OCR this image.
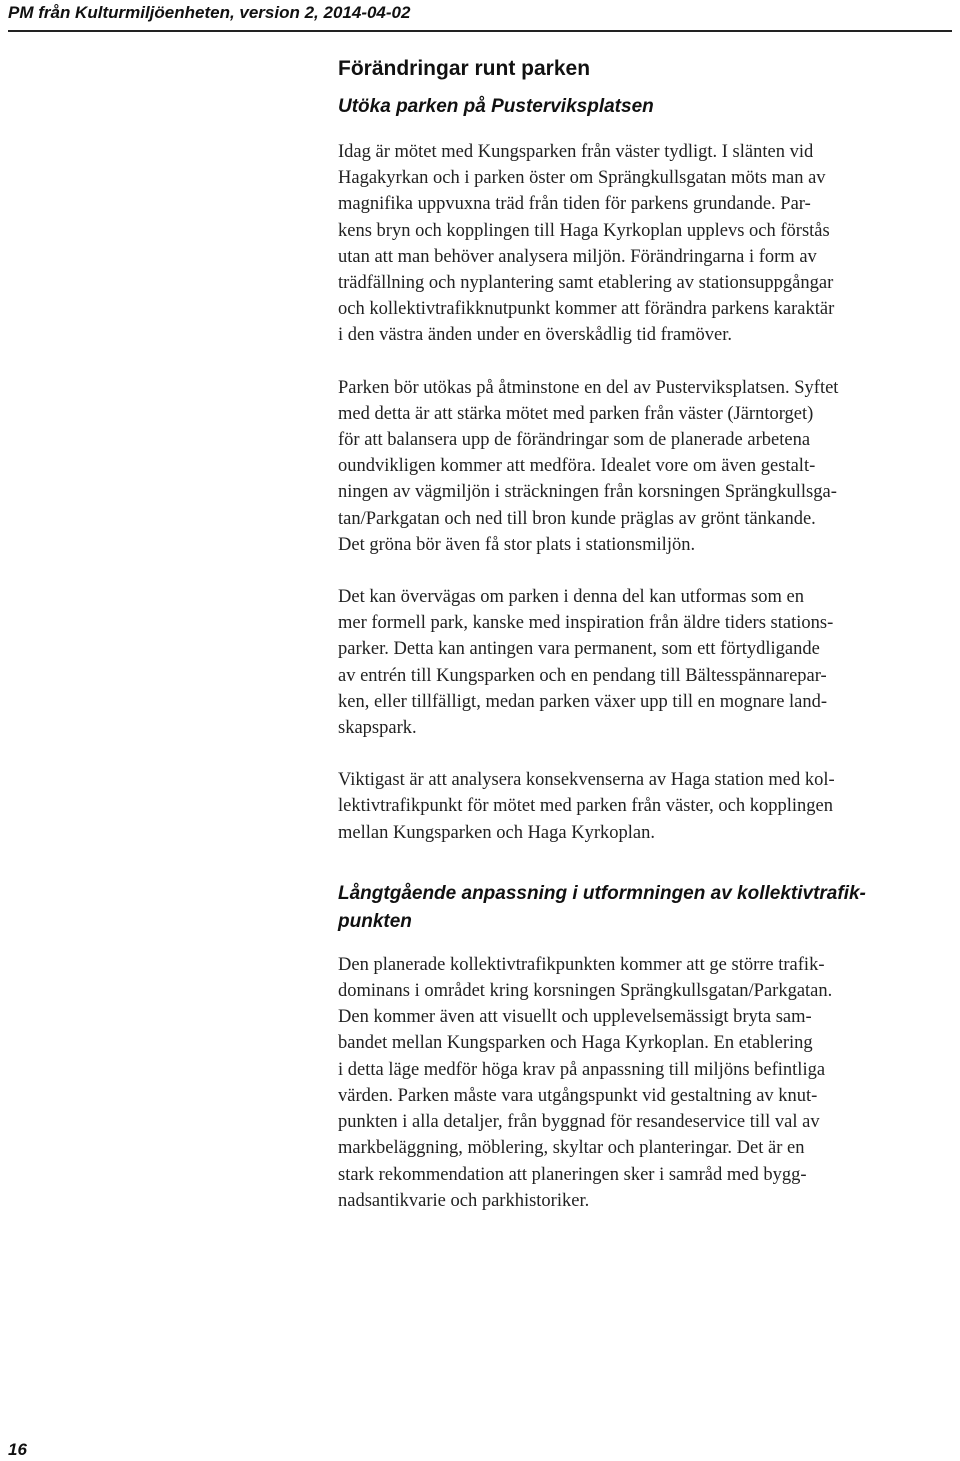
PM från Kulturmiljöenheten, version 2, 2014-04-02
Förändringar runt parken
Utöka parken på Pusterviksplatsen
Idag är mötet med Kungsparken från väster tydligt. I slänten vid
Hagakyrkan och i parken öster om Sprängkullsgatan möts man av
magnifika uppvuxna träd från tiden för parkens grundande. Par-
kens bryn och kopplingen till Haga Kyrkoplan upplevs och förstås
utan att man behöver analysera miljön. Förändringarna i form av
trädfällning och nyplantering samt etablering av stationsuppgångar
och kollektivtrafikknutpunkt kommer att förändra parkens karaktär
i den västra änden under en överskådlig tid framöver.
Parken bör utökas på åtminstone en del av Pusterviksplatsen. Syftet
med detta är att stärka mötet med parken från väster (Järntorget)
för att balansera upp de förändringar som de planerade arbetena
oundvikligen kommer att medföra. Idealet vore om även gestalt-
ningen av vägmiljön i sträckningen från korsningen Sprängkullsga-
tan/Parkgatan och ned till bron kunde präglas av grönt tänkande.
Det gröna bör även få stor plats i stationsmiljön.
Det kan övervägas om parken i denna del kan utformas som en
mer formell park, kanske med inspiration från äldre tiders stations-
parker. Detta kan antingen vara permanent, som ett förtydligande
av entrén till Kungsparken och en pendang till Bältesspännarepar-
ken, eller tillfälligt, medan parken växer upp till en mognare land-
skapspark.
Viktigast är att analysera konsekvenserna av Haga station med kol-
lektivtrafikpunkt för mötet med parken från väster, och kopplingen
mellan Kungsparken och Haga Kyrkoplan.
Långtgående anpassning i utformningen av kollektivtrafik-
punkten
Den planerade kollektivtrafikpunkten kommer att ge större trafik-
dominans i området kring korsningen Sprängkullsgatan/Parkgatan.
Den kommer även att visuellt och upplevelsemässigt bryta sam-
bandet mellan Kungsparken och Haga Kyrkoplan. En etablering
i detta läge medför höga krav på anpassning till miljöns befintliga
värden. Parken måste vara utgångspunkt vid gestaltning av knut-
punkten i alla detaljer, från byggnad för resandeservice till val av
markbeläggning, möblering, skyltar och planteringar. Det är en
stark rekommendation att planeringen sker i samråd med bygg-
nadsantikvarie och parkhistoriker.
16
